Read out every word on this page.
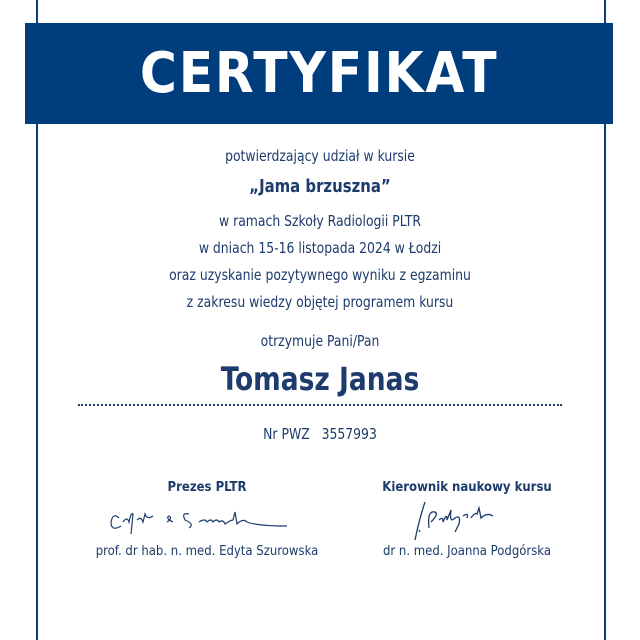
CERTYFIKAT
potwierdzający udział w kursie
„Jama brzuszna”
w ramach Szkoły Radiologii PLTR
w dniach 15-16 listopada 2024 w Łodzi
oraz uzyskanie pozytywnego wyniku z egzaminu
z zakresu wiedzy objętej programem kursu
otrzymuje Pani/Pan
Tomasz Janas
Nr PWZ   3557993
Prezes PLTR
prof. dr hab. n. med. Edyta Szurowska
Kierownik naukowy kursu
dr n. med. Joanna Podgórska
